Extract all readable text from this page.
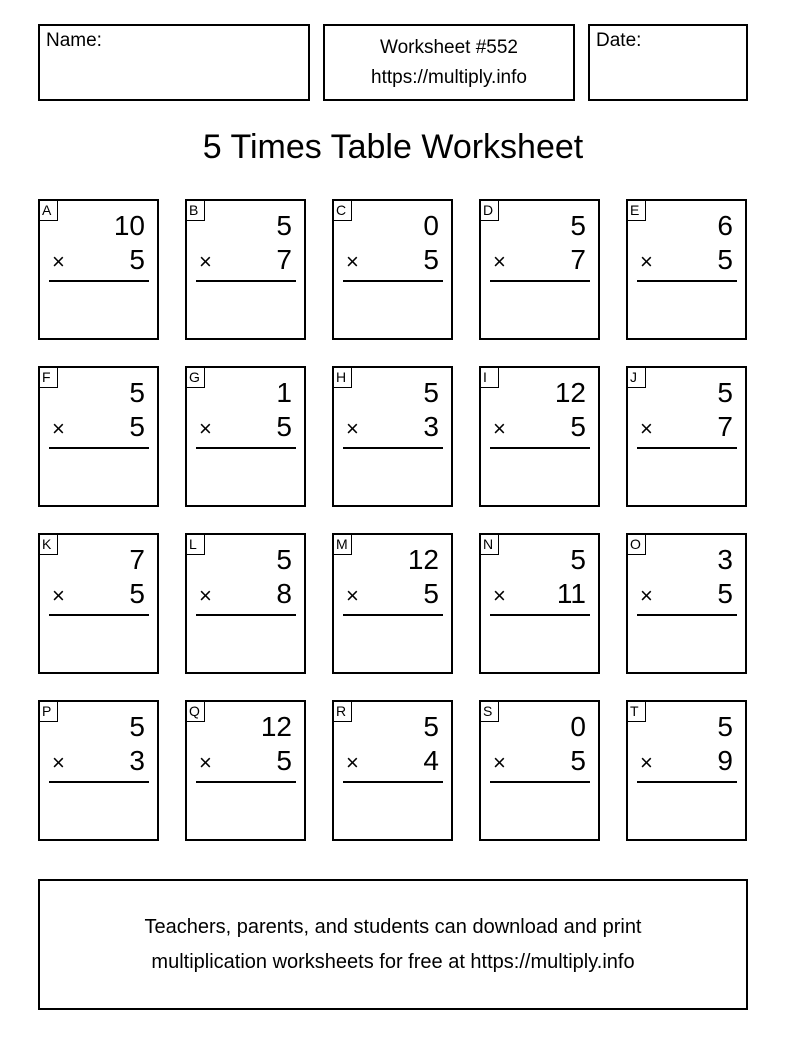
Name:	Worksheet #552
https://multiply.info
Date:
5 Times Table Worksheet
A 10
× 5
B	5
× 7
C	0
× 5
D	5
× 7
E	6
× 5
F	5
× 5
G	1
× 5
H	5
× 3
I	12
× 5
J	5
× 7
K	7
× 5
L	5
× 8
M 12
× 5
N	5
× 11
O	3
× 5
P	5
× 3
Q 12
× 5
R	5
× 4
S	0
× 5
T	5
× 9
Teachers, parents, and students can download and print
multiplication worksheets for free at https://multiply.info
